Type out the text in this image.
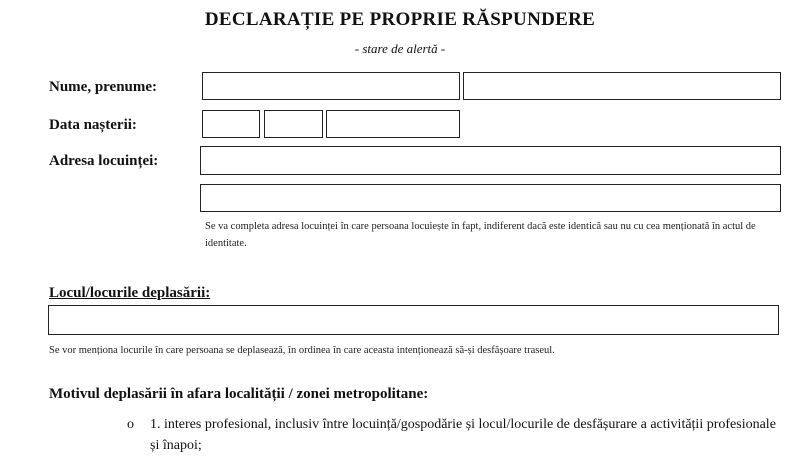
DECLARAȚIE PE PROPRIE RĂSPUNDERE
- stare de alertă -
Nume, prenume:
Data nașterii:
Adresa locuinței:
Se va completa adresa locuinței în care persoana locuiește în fapt, indiferent dacă este identică sau nu cu cea menționată în actul de identitate.
Locul/locurile deplasării:
Se vor menționa locurile în care persoana se deplasează, în ordinea în care aceasta intenționează să-și desfășoare traseul.
Motivul deplasării în afara localității / zonei metropolitane:
o 1. interes profesional, inclusiv între locuință/gospodărie și locul/locurile de desfășurare a activității profesionale și înapoi;
